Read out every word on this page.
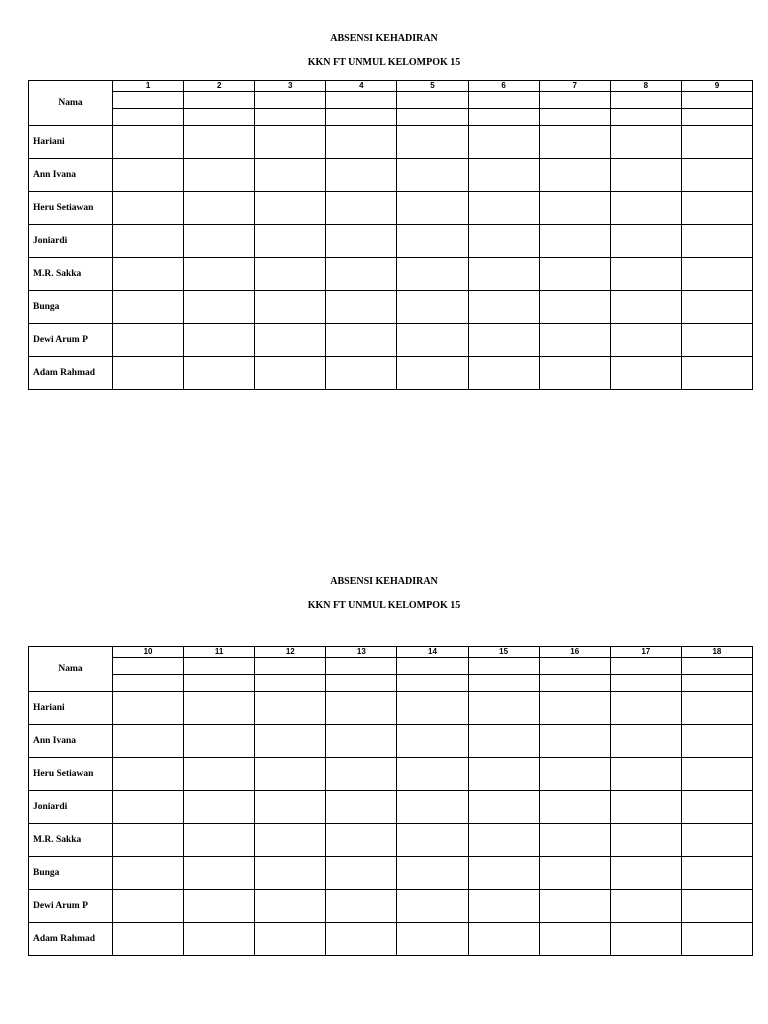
ABSENSI KEHADIRAN
KKN FT UNMUL KELOMPOK 15
Nama	1	2	3	4	5	6	7	8	9

Hariani									
Ann Ivana									
Heru Setiawan									
Joniardi									
M.R. Sakka									
Bunga									
Dewi Arum P									
Adam Rahmad									
ABSENSI KEHADIRAN
KKN FT UNMUL KELOMPOK 15
Nama	10	11	12	13	14	15	16	17	18

Hariani									
Ann Ivana									
Heru Setiawan									
Joniardi									
M.R. Sakka									
Bunga									
Dewi Arum P									
Adam Rahmad									
